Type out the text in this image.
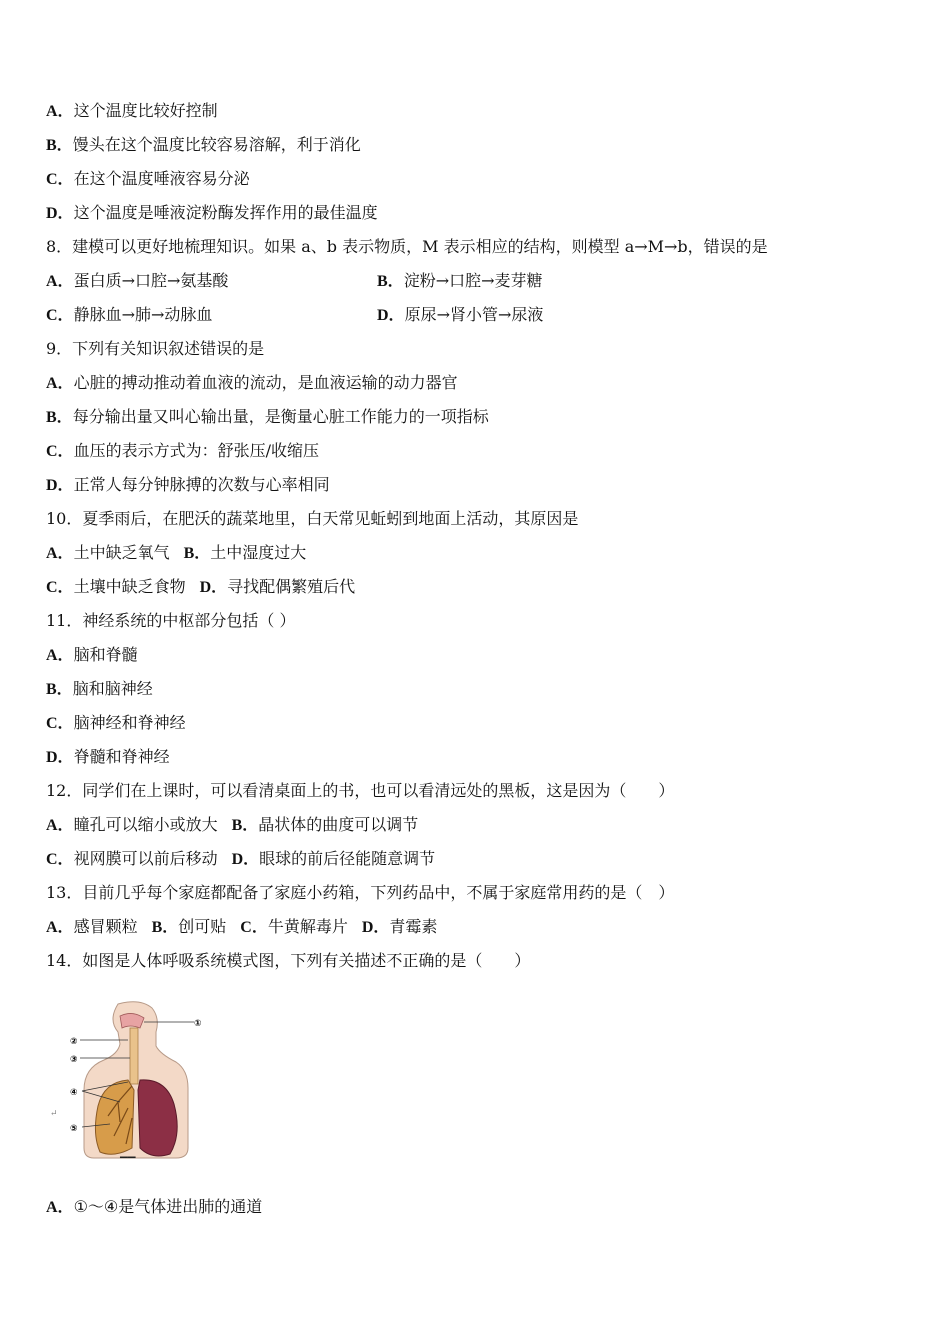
A．这个温度比较好控制
B．馒头在这个温度比较容易溶解，利于消化
C．在这个温度唾液容易分泌
D．这个温度是唾液淀粉酶发挥作用的最佳温度
8．建模可以更好地梳理知识。如果 a、b 表示物质，M 表示相应的结构，则模型 a→M→b，错误的是
A．蛋白质→口腔→氨基酸	B．淀粉→口腔→麦芽糖
C．静脉血→肺→动脉血	D．原尿→肾小管→尿液
9．下列有关知识叙述错误的是
A．心脏的搏动推动着血液的流动，是血液运输的动力器官
B．每分输出量又叫心输出量，是衡量心脏工作能力的一项指标
C．血压的表示方式为：舒张压/收缩压
D．正常人每分钟脉搏的次数与心率相同
10．夏季雨后，在肥沃的蔬菜地里，白天常见蚯蚓到地面上活动，其原因是
A．土中缺乏氧气 B．土中湿度过大
C．土壤中缺乏食物 D．寻找配偶繁殖后代
11．神经系统的中枢部分包括（ ）
A．脑和脊髓
B．脑和脑神经
C．脑神经和脊神经
D．脊髓和脊神经
12．同学们在上课时，可以看清桌面上的书，也可以看清远处的黑板，这是因为（　　）
A．瞳孔可以缩小或放大 B．晶状体的曲度可以调节
C．视网膜可以前后移动 D．眼球的前后径能随意调节
13．目前几乎每个家庭都配备了家庭小药箱，下列药品中，不属于家庭常用药的是（　）
A．感冒颗粒 B．创可贴 C．牛黄解毒片 D．青霉素
14．如图是人体呼吸系统模式图，下列有关描述不正确的是（　　）
①
②
③
④
⑤
↵
▔▔
A．①～④是气体进出肺的通道
